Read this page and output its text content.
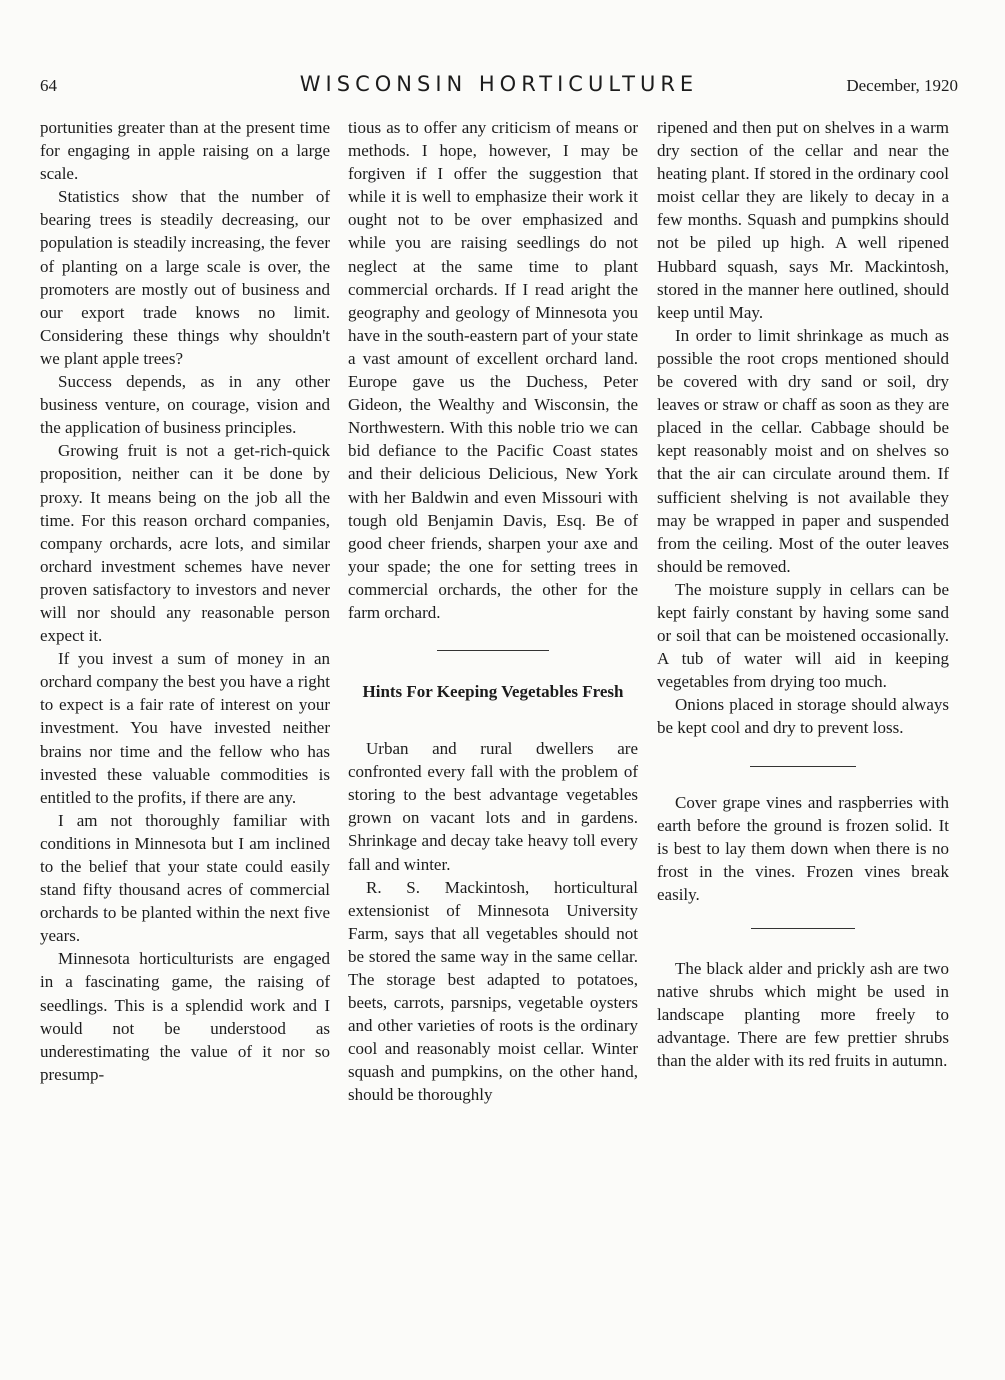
64	WISCONSIN HORTICULTURE	December, 1920

portunities greater than at the present time for engaging in apple raising on a large scale.

Statistics show that the number of bearing trees is steadily decreasing, our population is steadily increasing, the fever of planting on a large scale is over, the promoters are mostly out of business and our export trade knows no limit. Considering these things why shouldn't we plant apple trees?

Success depends, as in any other business venture, on courage, vision and the application of business principles.

Growing fruit is not a get-rich-quick proposition, neither can it be done by proxy. It means being on the job all the time. For this reason orchard companies, company orchards, acre lots, and similar orchard investment schemes have never proven satisfactory to investors and never will nor should any reasonable person expect it.

If you invest a sum of money in an orchard company the best you have a right to expect is a fair rate of interest on your investment. You have invested neither brains nor time and the fellow who has invested these valuable commodities is entitled to the profits, if there are any.

I am not thoroughly familiar with conditions in Minnesota but I am inclined to the belief that your state could easily stand fifty thousand acres of commercial orchards to be planted within the next five years.

Minnesota horticulturists are engaged in a fascinating game, the raising of seedlings. This is a splendid work and I would not be understood as underestimating the value of it nor so presump-

tious as to offer any criticism of means or methods. I hope, however, I may be forgiven if I offer the suggestion that while it is well to emphasize their work it ought not to be over emphasized and while you are raising seedlings do not neglect at the same time to plant commercial orchards. If I read aright the geography and geology of Minnesota you have in the south-eastern part of your state a vast amount of excellent orchard land. Europe gave us the Duchess, Peter Gideon, the Wealthy and Wisconsin, the Northwestern. With this noble trio we can bid defiance to the Pacific Coast states and their delicious Delicious, New York with her Baldwin and even Missouri with tough old Benjamin Davis, Esq. Be of good cheer friends, sharpen your axe and your spade; the one for setting trees in commercial orchards, the other for the farm orchard.

Hints For Keeping Vegetables Fresh

Urban and rural dwellers are confronted every fall with the problem of storing to the best advantage vegetables grown on vacant lots and in gardens. Shrinkage and decay take heavy toll every fall and winter.

R. S. Mackintosh, horticultural extensionist of Minnesota University Farm, says that all vegetables should not be stored the same way in the same cellar. The storage best adapted to potatoes, beets, carrots, parsnips, vegetable oysters and other varieties of roots is the ordinary cool and reasonably moist cellar. Winter squash and pumpkins, on the other hand, should be thoroughly

ripened and then put on shelves in a warm dry section of the cellar and near the heating plant. If stored in the ordinary cool moist cellar they are likely to decay in a few months. Squash and pumpkins should not be piled up high. A well ripened Hubbard squash, says Mr. Mackintosh, stored in the manner here outlined, should keep until May.

In order to limit shrinkage as much as possible the root crops mentioned should be covered with dry sand or soil, dry leaves or straw or chaff as soon as they are placed in the cellar. Cabbage should be kept reasonably moist and on shelves so that the air can circulate around them. If sufficient shelving is not available they may be wrapped in paper and suspended from the ceiling. Most of the outer leaves should be removed.

The moisture supply in cellars can be kept fairly constant by having some sand or soil that can be moistened occasionally. A tub of water will aid in keeping vegetables from drying too much.

Onions placed in storage should always be kept cool and dry to prevent loss.

Cover grape vines and raspberries with earth before the ground is frozen solid. It is best to lay them down when there is no frost in the vines. Frozen vines break easily.

The black alder and prickly ash are two native shrubs which might be used in landscape planting more freely to advantage. There are few prettier shrubs than the alder with its red fruits in autumn.
